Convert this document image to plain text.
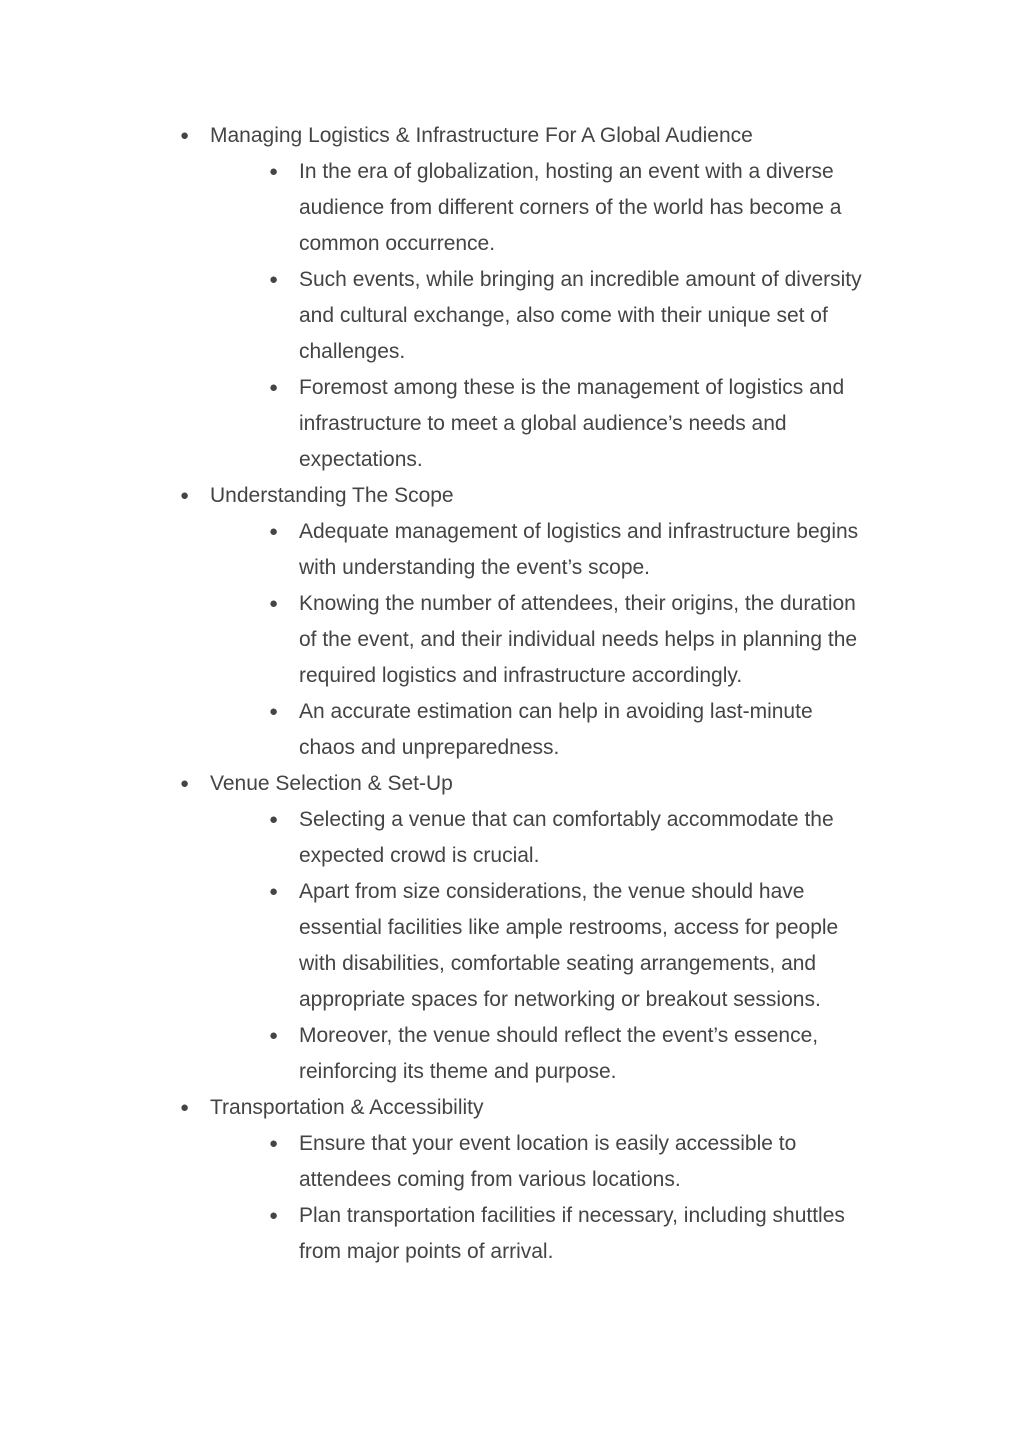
● Managing Logistics & Infrastructure For A Global Audience
● In the era of globalization, hosting an event with a diverse
audience from different corners of the world has become a
common occurrence.
● Such events, while bringing an incredible amount of diversity
and cultural exchange, also come with their unique set of
challenges.
● Foremost among these is the management of logistics and
infrastructure to meet a global audience’s needs and
expectations.
● Understanding The Scope
● Adequate management of logistics and infrastructure begins
with understanding the event’s scope.
● Knowing the number of attendees, their origins, the duration
of the event, and their individual needs helps in planning the
required logistics and infrastructure accordingly.
● An accurate estimation can help in avoiding last-minute
chaos and unpreparedness.
● Venue Selection & Set-Up
● Selecting a venue that can comfortably accommodate the
expected crowd is crucial.
● Apart from size considerations, the venue should have
essential facilities like ample restrooms, access for people
with disabilities, comfortable seating arrangements, and
appropriate spaces for networking or breakout sessions.
● Moreover, the venue should reflect the event’s essence,
reinforcing its theme and purpose.
● Transportation & Accessibility
● Ensure that your event location is easily accessible to
attendees coming from various locations.
● Plan transportation facilities if necessary, including shuttles
from major points of arrival.
